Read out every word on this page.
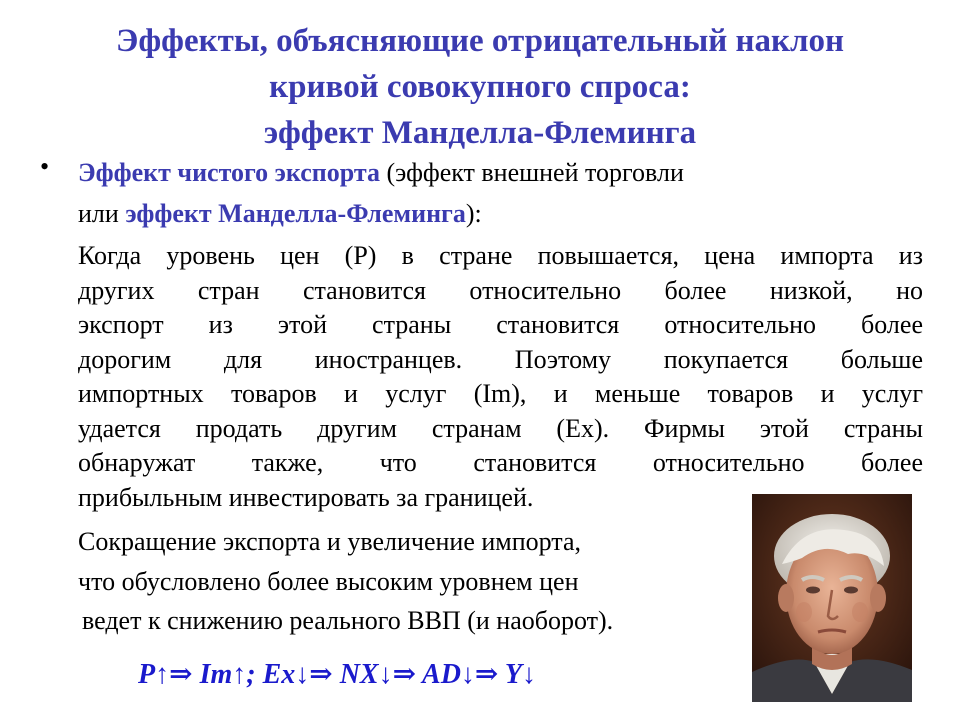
Эффекты, объясняющие отрицательный наклон
кривой совокупного спроса:
эффект Манделла-Флеминга
• Эффект чистого экспорта (эффект внешней торговли
или эффект Манделла-Флеминга):
Когда уровень цен (Р) в стране повышается, цена импорта из
других стран становится относительно более низкой, но
экспорт из этой страны становится относительно более
дорогим для иностранцев. Поэтому покупается больше
импортных товаров и услуг (Im), и меньше товаров и услуг
удается продать другим странам (Ex). Фирмы этой страны
обнаружат также, что становится относительно более
прибыльным инвестировать за границей.
Сокращение экспорта и увеличение импорта,
что обусловлено более высоким уровнем цен
ведет к снижению реального ВВП (и наоборот).
P↑⇒ Im↑; Ex↓⇒ NX↓⇒ AD↓⇒ Y↓
